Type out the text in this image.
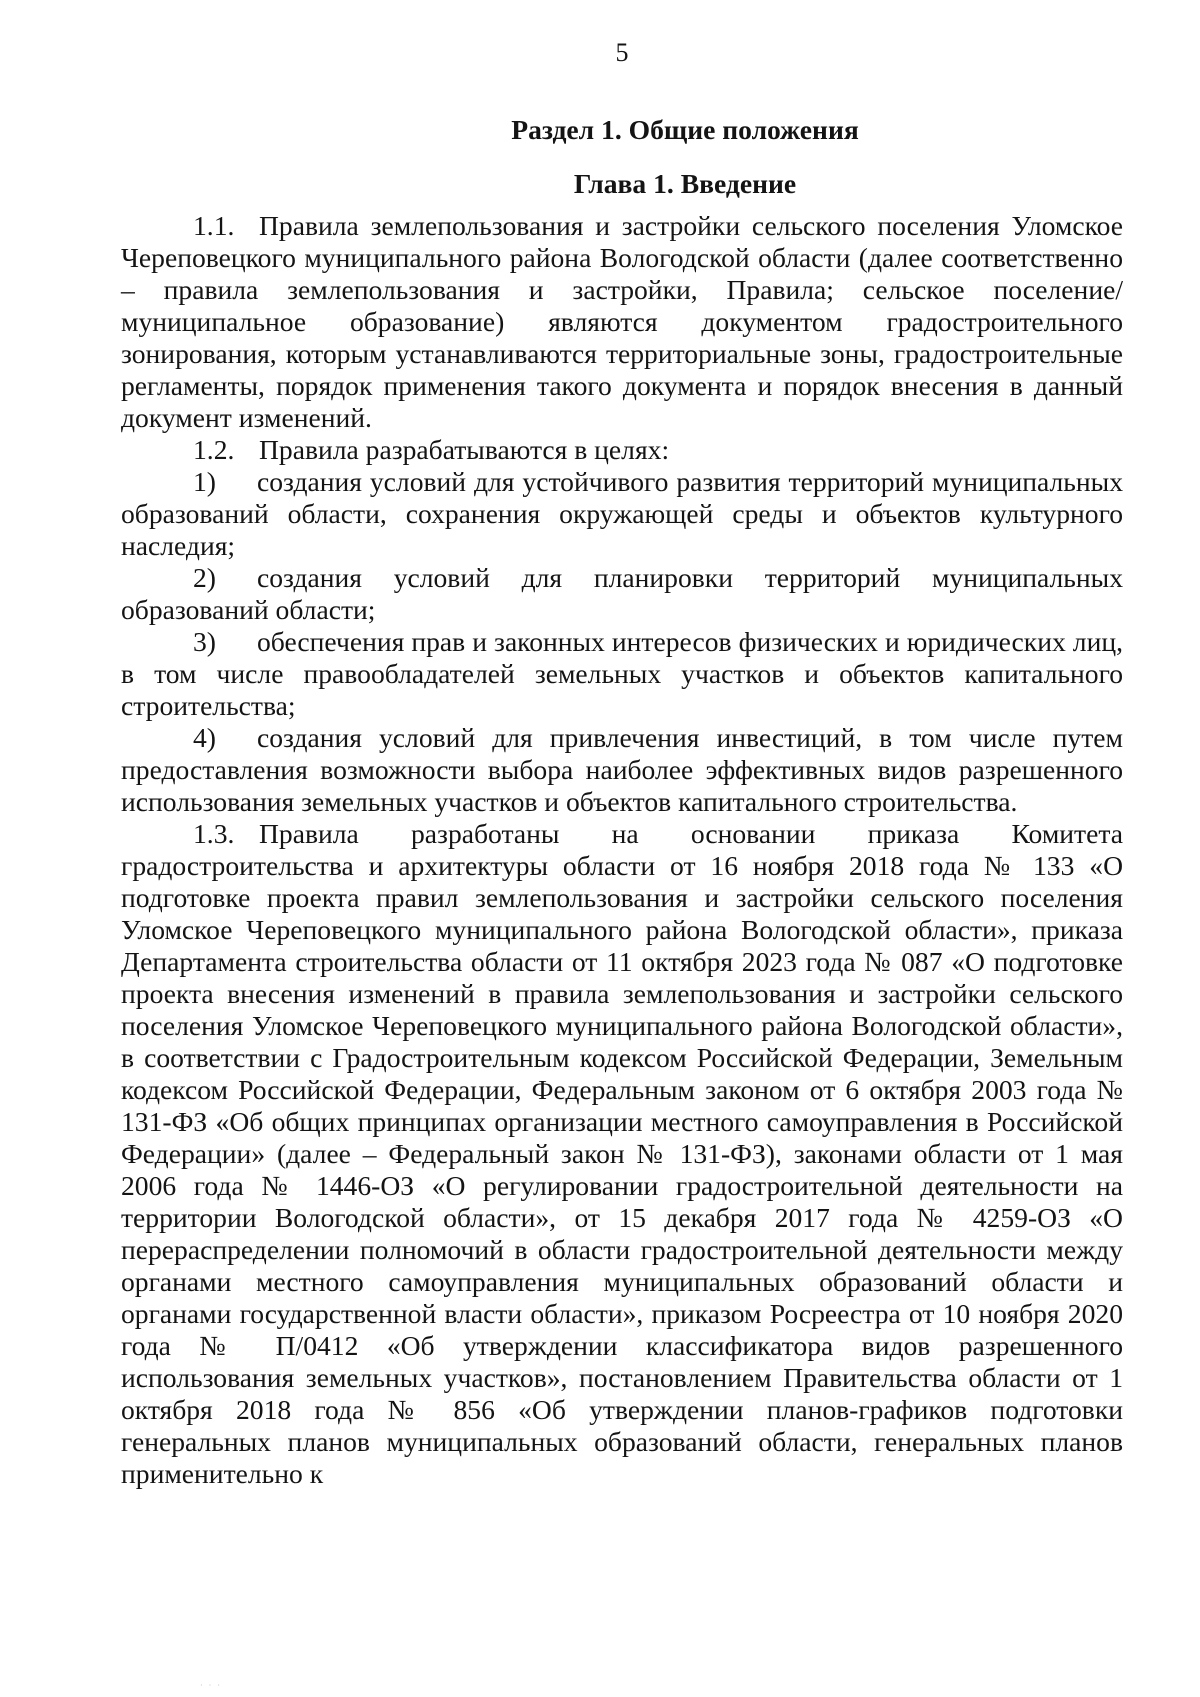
5
Раздел 1. Общие положения
Глава 1. Введение

1.1. Правила землепользования и застройки сельского поселения Уломское Череповецкого муниципального района Вологодской области (далее соответственно – правила землепользования и застройки, Правила; сельское поселение/муниципальное образование) являются документом градостроительного зонирования, которым устанавливаются территориальные зоны, градостроительные регламенты, порядок применения такого документа и порядок внесения в данный документ изменений.

1.2. Правила разрабатываются в целях:

1) создания условий для устойчивого развития территорий муниципальных образований области, сохранения окружающей среды и объектов культурного наследия;

2) создания условий для планировки территорий муниципальных образований области;

3) обеспечения прав и законных интересов физических и юридических лиц, в том числе правообладателей земельных участков и объектов капитального строительства;

4) создания условий для привлечения инвестиций, в том числе путем предоставления возможности выбора наиболее эффективных видов разрешенного использования земельных участков и объектов капитального строительства.

1.3. Правила разработаны на основании приказа Комитета градостроительства и архитектуры области от 16 ноября 2018 года № 133 «О подготовке проекта правил землепользования и застройки сельского поселения Уломское Череповецкого муниципального района Вологодской области», приказа Департамента строительства области от 11 октября 2023 года № 087 «О подготовке проекта внесения изменений в правила землепользования и застройки сельского поселения Уломское Череповецкого муниципального района Вологодской области», в соответствии с Градостроительным кодексом Российской Федерации, Земельным кодексом Российской Федерации, Федеральным законом от 6 октября 2003 года № 131-ФЗ «Об общих принципах организации местного самоуправления в Российской Федерации» (далее – Федеральный закон № 131-ФЗ), законами области от 1 мая 2006 года № 1446-ОЗ «О регулировании градостроительной деятельности на территории Вологодской области», от 15 декабря 2017 года № 4259-ОЗ «О перераспределении полномочий в области градостроительной деятельности между органами местного самоуправления муниципальных образований области и органами государственной власти области», приказом Росреестра от 10 ноября 2020 года № П/0412 «Об утверждении классификатора видов разрешенного использования земельных участков», постановлением Правительства области от 1 октября 2018 года № 856 «Об утверждении планов-графиков подготовки генеральных планов муниципальных образований области, генеральных планов применительно к

· · ·
